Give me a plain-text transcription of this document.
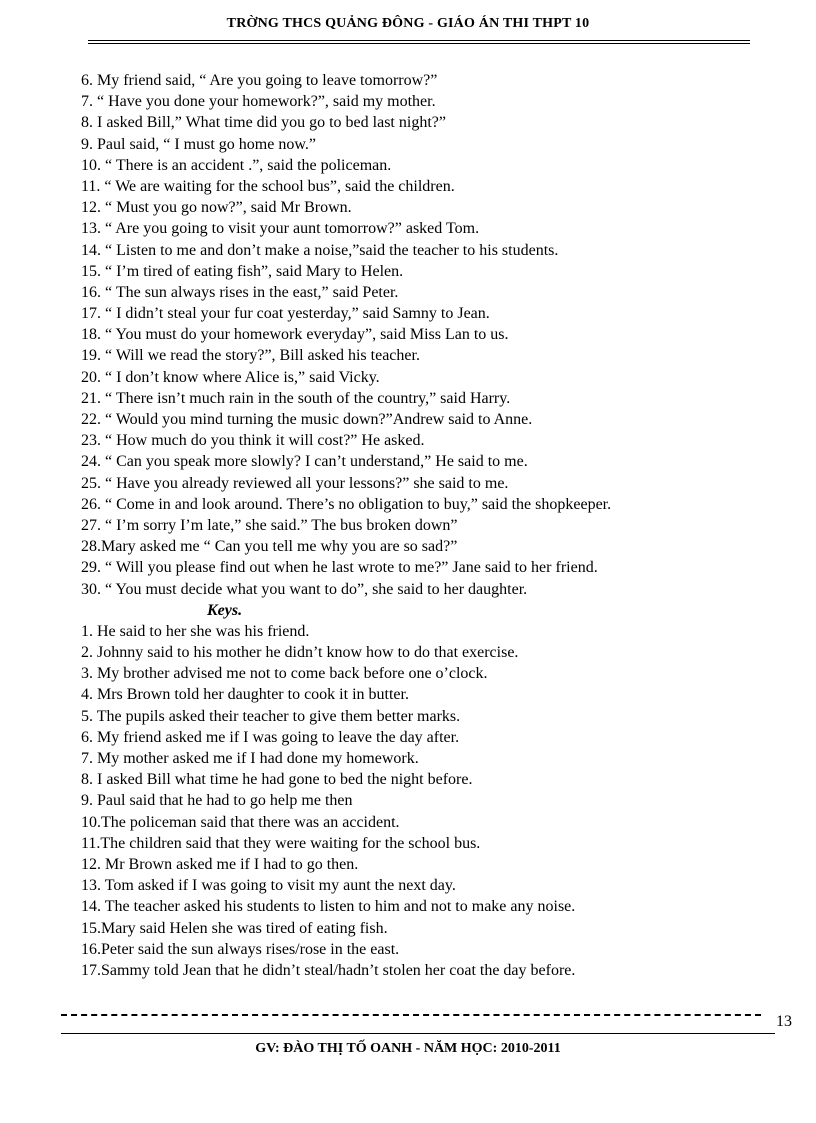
TRỜNG THCS QUẢNG ĐÔNG - GIÁO ÁN THI THPT 10
6. My friend said, “ Are you going to leave tomorrow?”
7. “ Have you done your homework?”, said my mother.
8. I asked Bill,” What time did you go to bed last night?”
9. Paul said, “ I must go home now.”
10. “ There is an accident .”, said the policeman.
11. “ We are waiting for the school bus”, said the children.
12. “ Must you go now?”, said Mr Brown.
13. “ Are you going to visit your aunt tomorrow?” asked Tom.
14. “ Listen to me and don’t make a noise,”said the teacher to his students.
15. “ I’m tired of eating fish”, said Mary to Helen.
16. “ The sun always rises in the east,” said Peter.
17. “ I didn’t steal your fur coat yesterday,” said Samny to Jean.
18. “ You must do your homework everyday”, said Miss Lan to us.
19. “ Will we read the story?”, Bill asked his teacher.
20. “ I don’t know where Alice is,” said Vicky.
21. “ There isn’t much rain in the south of the country,” said Harry.
22. “ Would you mind turning the music down?”Andrew said to Anne.
23. “ How much do you think it will cost?” He asked.
24. “ Can you speak more slowly? I can’t understand,” He said to me.
25. “ Have you already reviewed all your lessons?” she said to me.
26. “ Come in and look around. There’s no obligation to buy,” said the shopkeeper.
27. “ I’m sorry I’m late,” she said.” The bus broken down”
28.Mary asked me “ Can you tell me why you are so sad?”
29. “ Will you please find out when he last wrote to me?” Jane said to her friend.
30. “ You must decide what you want to do”, she said to her daughter.
Keys.
1. He said to her she was his friend.
2. Johnny said to his mother he didn’t know how to do that exercise.
3. My brother advised me not to come back before one o’clock.
4. Mrs Brown told her daughter to cook it in butter.
5. The pupils asked their teacher to give them better marks.
6. My friend asked me if I was going to leave the day after.
7. My mother asked me if I had done my homework.
8. I asked Bill what time he had gone to bed the night before.
9. Paul said that he had to go help me then
10.The policeman said that there was an accident.
11.The children said that they were waiting for the school bus.
12. Mr Brown asked me if I had to go then.
13. Tom asked if I was going to visit my aunt the next day.
14. The teacher asked his students to listen to him and not to make any noise.
15.Mary said Helen she was tired of eating fish.
16.Peter said the sun always rises/rose in the east.
17.Sammy told Jean that he didn’t steal/hadn’t stolen her coat the day before.
13
GV: ĐÀO THỊ TỐ OANH - NĂM HỌC: 2010-2011
